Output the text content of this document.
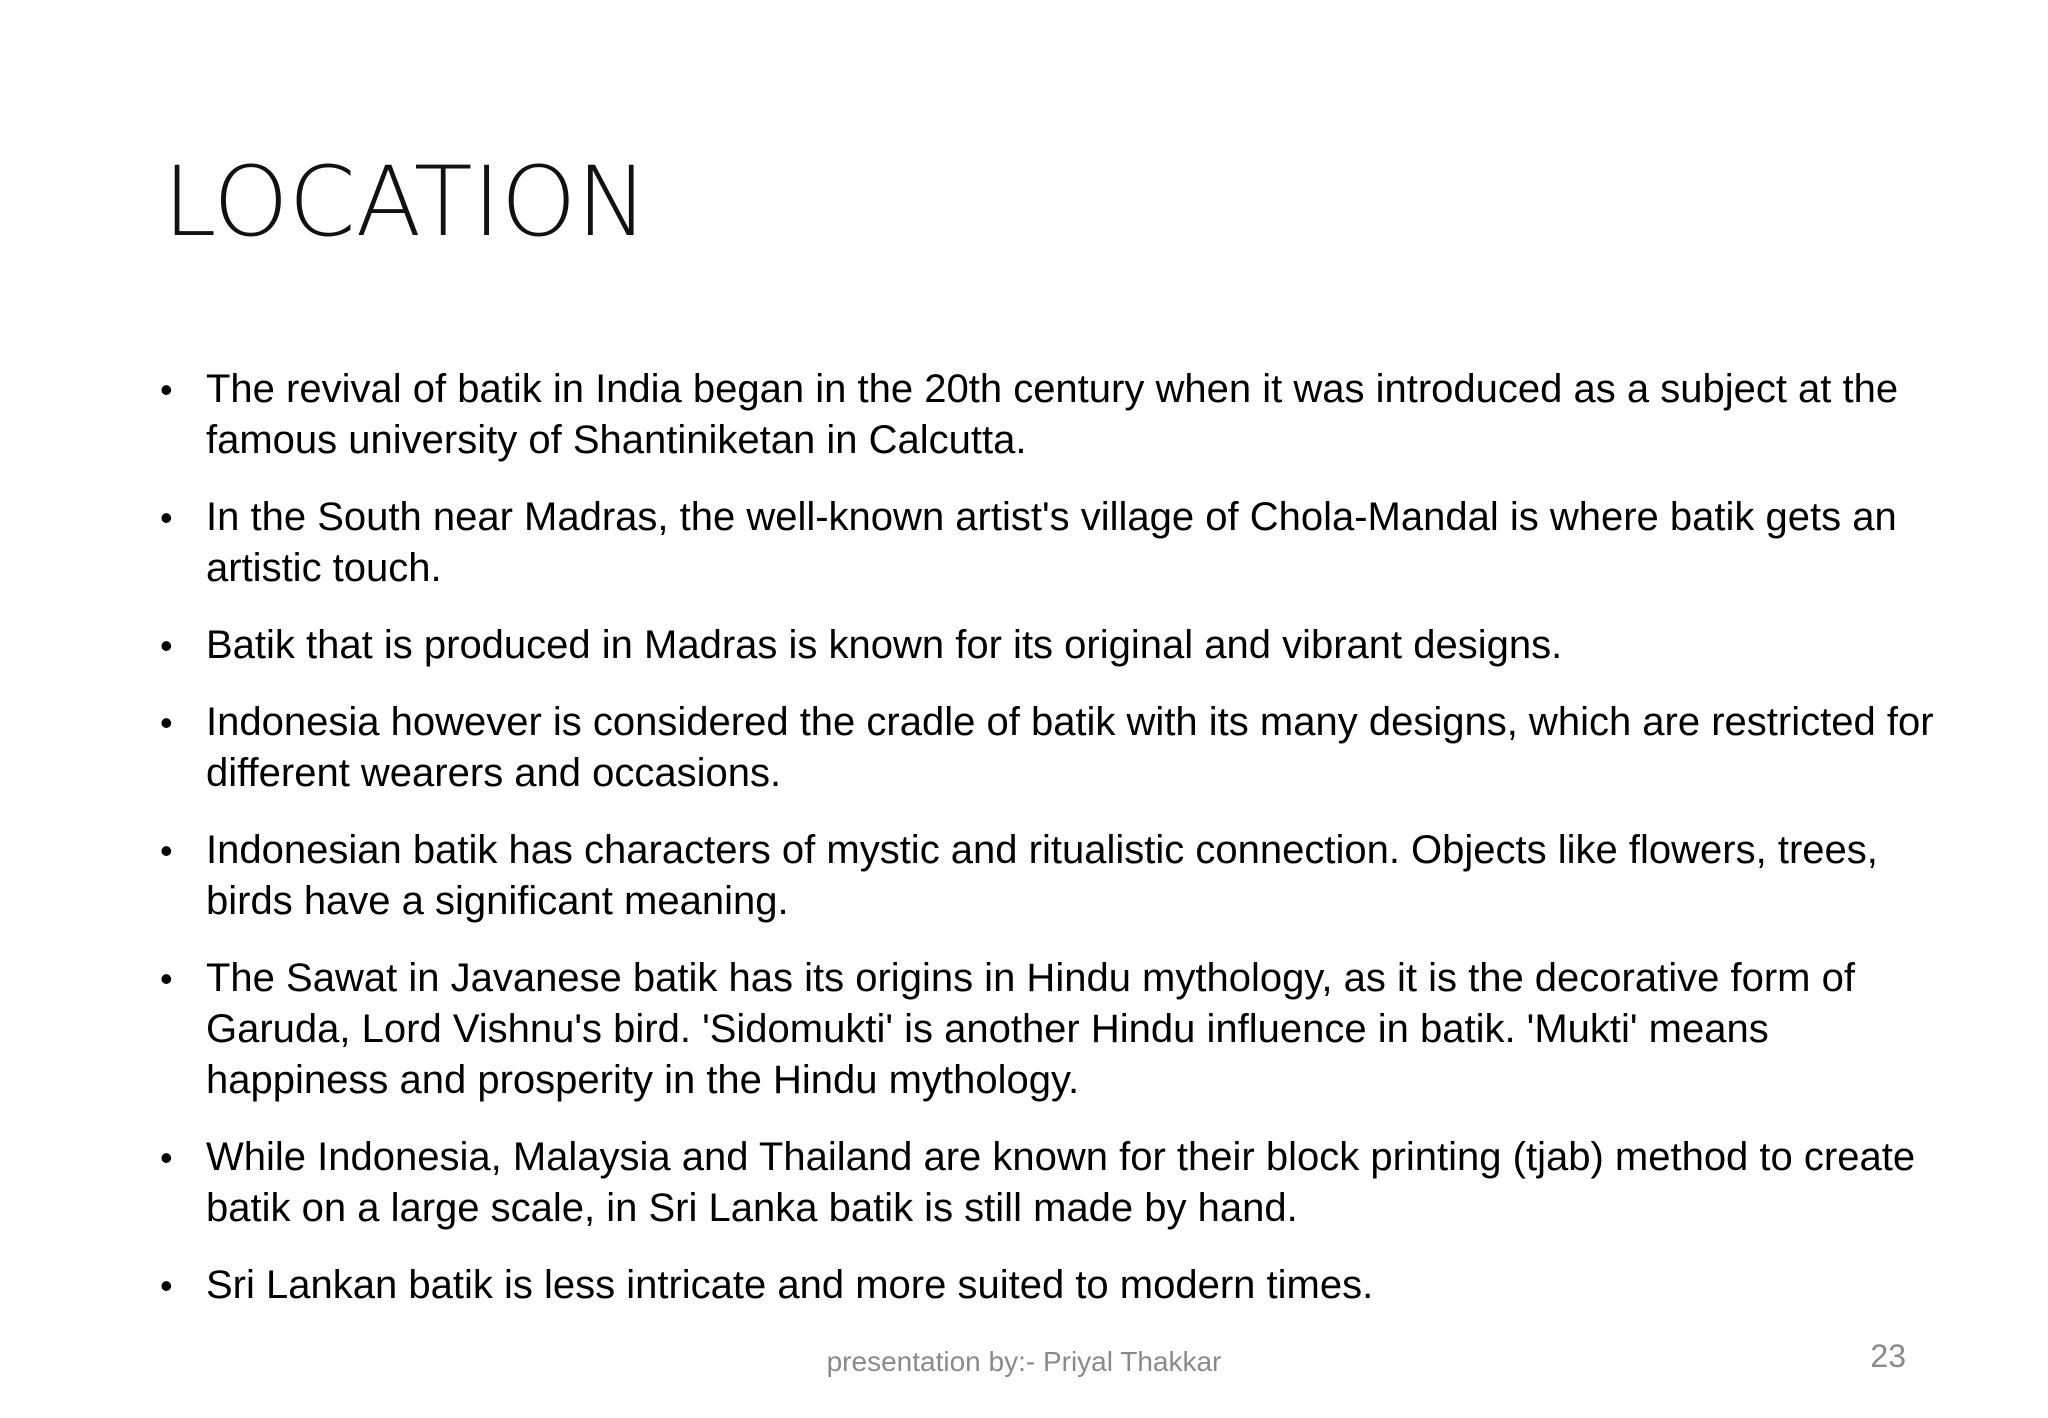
LOCATION
• The revival of batik in India began in the 20th century when it was introduced as a subject at the famous university of Shantiniketan in Calcutta.
• In the South near Madras, the well-known artist's village of Chola-Mandal is where batik gets an artistic touch.
• Batik that is produced in Madras is known for its original and vibrant designs.
• Indonesia however is considered the cradle of batik with its many designs, which are restricted for different wearers and occasions.
• Indonesian batik has characters of mystic and ritualistic connection. Objects like flowers, trees, birds have a significant meaning.
• The Sawat in Javanese batik has its origins in Hindu mythology, as it is the decorative form of Garuda, Lord Vishnu's bird. 'Sidomukti' is another Hindu influence in batik. 'Mukti' means happiness and prosperity in the Hindu mythology.
• While Indonesia, Malaysia and Thailand are known for their block printing (tjab) method to create batik on a large scale, in Sri Lanka batik is still made by hand.
• Sri Lankan batik is less intricate and more suited to modern times.
presentation by:- Priyal Thakkar	23
